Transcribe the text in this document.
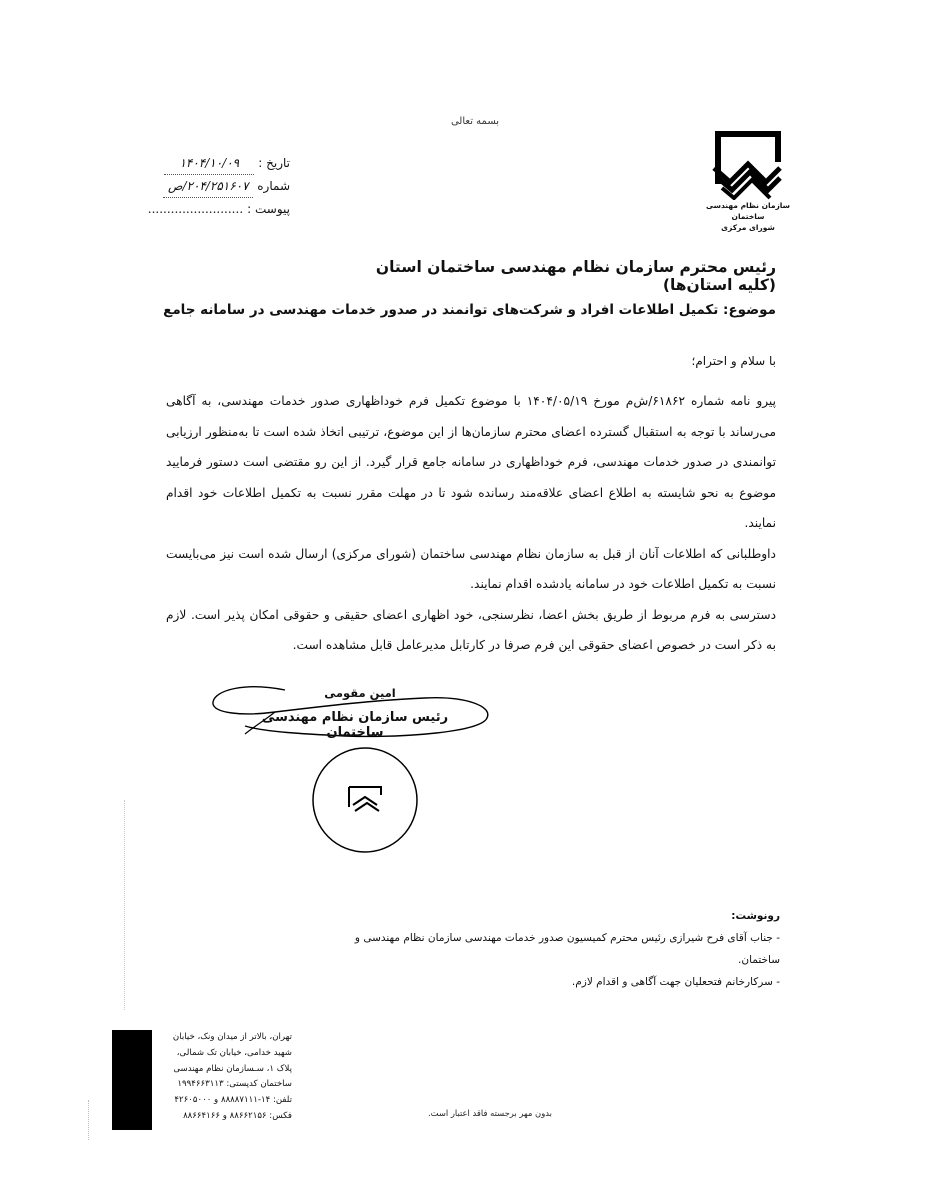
بسمه تعالی
سازمان نظام مهندسی ساختمان
شورای مرکزی
تاریخ :
۱۴۰۴/۱۰/۰۹
شماره
۲۰۴/۲۵۱۶۰۷/ص
پیوست :
.........................
رئیس محترم سازمان نظام مهندسی ساختمان استان (کلیه استان‌ها)
موضوع: تکمیل اطلاعات افراد و شرکت‌های توانمند در صدور خدمات مهندسی در سامانه جامع
با سلام و احترام؛

پیرو نامه شماره ۶۱۸۶۲/ش‌م مورخ ۱۴۰۴/۰۵/۱۹ با موضوع تکمیل فرم خوداظهاری صدور خدمات مهندسی، به آگاهی می‌رساند با توجه به استقبال گسترده اعضای محترم سازمان‌ها از این موضوع، ترتیبی اتخاذ شده است تا به‌منظور ارزیابی توانمندی در صدور خدمات مهندسی، فرم خوداظهاری در سامانه جامع قرار گیرد. از این رو مقتضی است دستور فرمایید موضوع به نحو شایسته به اطلاع اعضای علاقه‌مند رسانده شود تا در مهلت مقرر نسبت به تکمیل اطلاعات خود اقدام نمایند.

داوطلبانی که اطلاعات آنان از قبل به سازمان نظام مهندسی ساختمان (شورای مرکزی) ارسال شده است نیز می‌بایست نسبت به تکمیل اطلاعات خود در سامانه یادشده اقدام نمایند.

دسترسی به فرم مربوط از طریق بخش اعضا، نظرسنجی، خود اظهاری اعضای حقیقی و حقوقی امکان پذیر است. لازم به ذکر است در خصوص اعضای حقوقی این فرم صرفا در کارتابل مدیرعامل قابل مشاهده است.

امین مقومی
رئیس سازمان نظام مهندسی ساختمان
رونوشت:
- جناب آقای فرح شیرازی رئیس محترم کمیسیون صدور خدمات مهندسی سازمان نظام مهندسی و ساختمان.
- سرکارخانم فتحعلیان جهت آگاهی و اقدام لازم.
تهران، بالاتر از میدان ونک، خیابان
شهید خدامی، خیابان تک شمالی،
پلاک ۱، سـسازمان نظام مهندسی
ساختمان کدپستی: ۱۹۹۴۶۶۳۱۱۳
تلفن: ۱۴-۸۸۸۸۷۱۱۱ و ۴۲۶۰۵۰۰۰
فکس: ۸۸۶۶۲۱۵۶ و ۸۸۶۶۴۱۶۶	بدون مهر برجسته فاقد اعتبار است.
